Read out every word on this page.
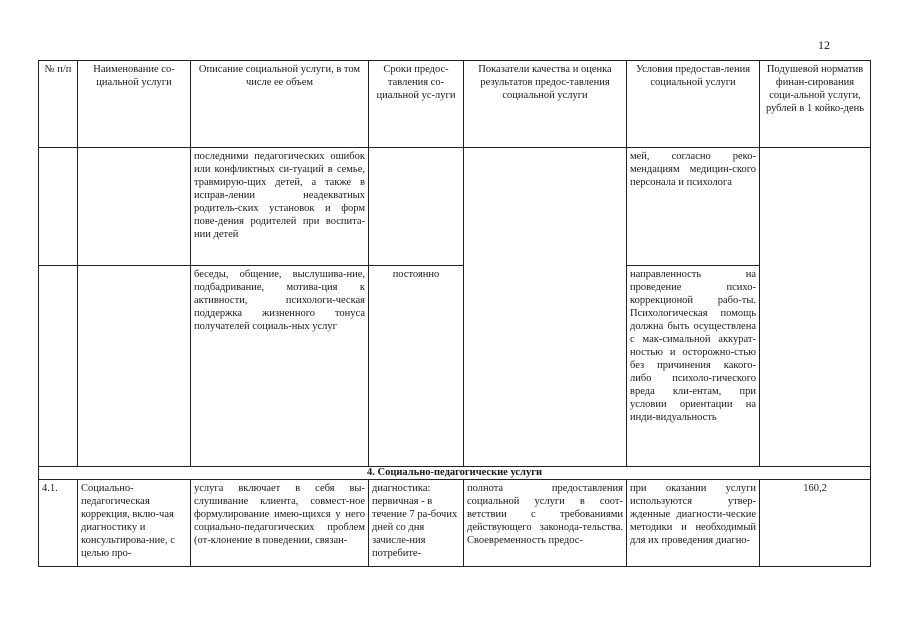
12
№ п/п	Наименование со-циальной услуги	Описание социальной услуги, в том числе ее объем	Сроки предос-тавления со-циальной ус-луги	Показатели качества и оценка результатов предос-тавления социальной услуги	Условия предостав-ления социальной услуги	Подушевой норматив финан-сирования соци-альной услуги, рублей в 1 койко-день
		последними педагогических ошибок или конфликтных си-туаций в семье, травмирую-щих детей, а также в исправ-лении неадекватных родитель-ских установок и форм пове-дения родителей при воспита-нии детей			мей, согласно реко-мендациям медицин-ского персонала и психолога	
		беседы, общение, выслушива-ние, подбадривание, мотива-ция к активности, психологи-ческая поддержка жизненного тонуса получателей социаль-ных услуг	постоянно		направленность на проведение психо-коррекционой рабо-ты. Психологическая помощь должна быть осуществлена с мак-симальной аккурат-ностью и осторожно-стью без причинения какого-либо психоло-гического вреда кли-ентам, при условии ориентации на инди-видуальность	
4. Социально-педагогические услуги						
4.1.	Социально-педагогическая коррекция, вклю-чая диагностику и консультирова-ние, с целью про-	услуга включает в себя вы-слушивание клиента, совмест-ное формулирование имею-щихся у него социально-педагогических проблем (от-клонение в поведении, связан-	диагностика: первичная - в течение 7 ра-бочих дней со дня зачисле-ния потребите-	полнота предоставления социальной услуги в соот-ветствии с требованиями действующего законода-тельства. Своевременность предос-	при оказании услуги используются утвер-жденные диагности-ческие методики и необходимый для их проведения диагно-	160,2
